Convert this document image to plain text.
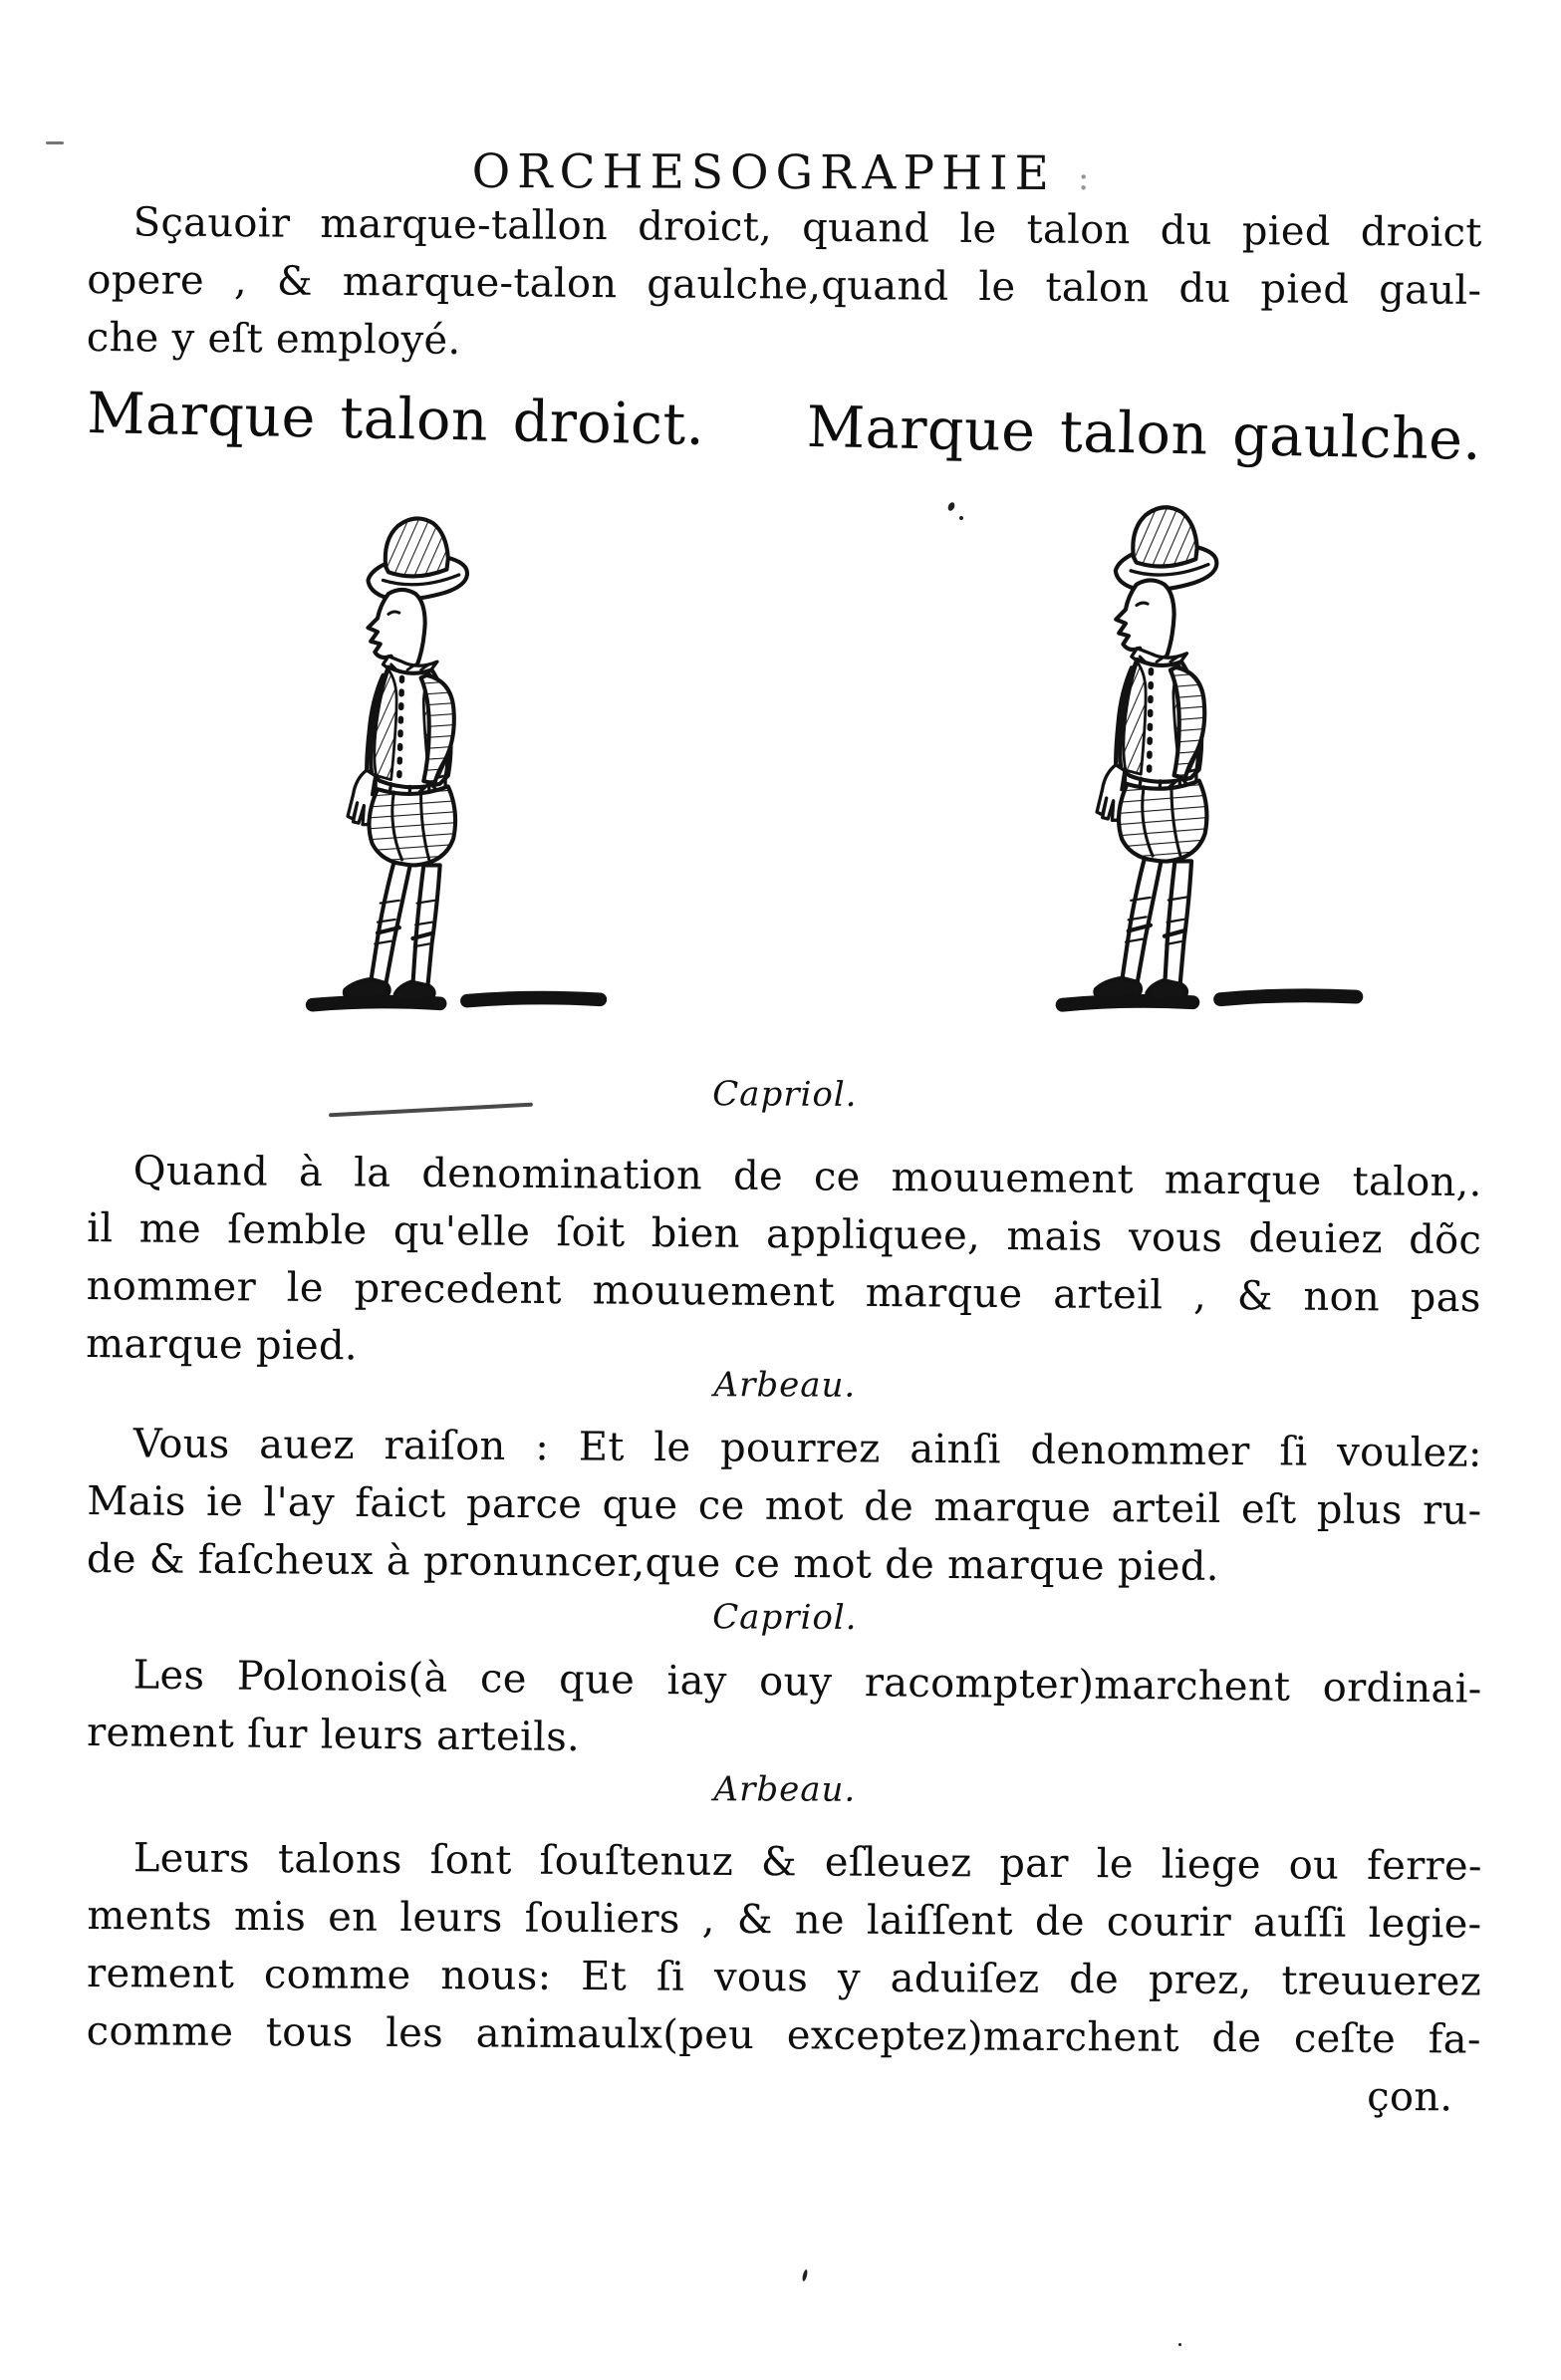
ORCHESOGRAPHIE :
Sçauoir marque-tallon droict, quand le talon du pied droict
opere , & marque-talon gaulche,quand le talon du pied gaul-
che y eſt employé.
Marque talon droict. Marque talon gaulche.
Capriol.
Quand à la denomination de ce mouuement marque talon,.
il me ſemble qu'elle ſoit bien appliquee, mais vous deuiez dõc
nommer le precedent mouuement marque arteil , & non pas
marque pied.
Arbeau.
Vous auez raiſon : Et le pourrez ainſi denommer ſi voulez:
Mais ie l'ay faict parce que ce mot de marque arteil eſt plus ru-
de & faſcheux à pronuncer,que ce mot de marque pied.
Capriol.
Les Polonois(à ce que iay ouy racompter)marchent ordinai-
rement ſur leurs arteils.
Arbeau.
Leurs talons ſont ſouſtenuz & eſleuez par le liege ou ferre-
ments mis en leurs ſouliers , & ne laiſſent de courir auſſi legie-
rement comme nous: Et ſi vous y aduiſez de prez, treuuerez
comme tous les animaulx(peu exceptez)marchent de ceſte fa-
çon.
